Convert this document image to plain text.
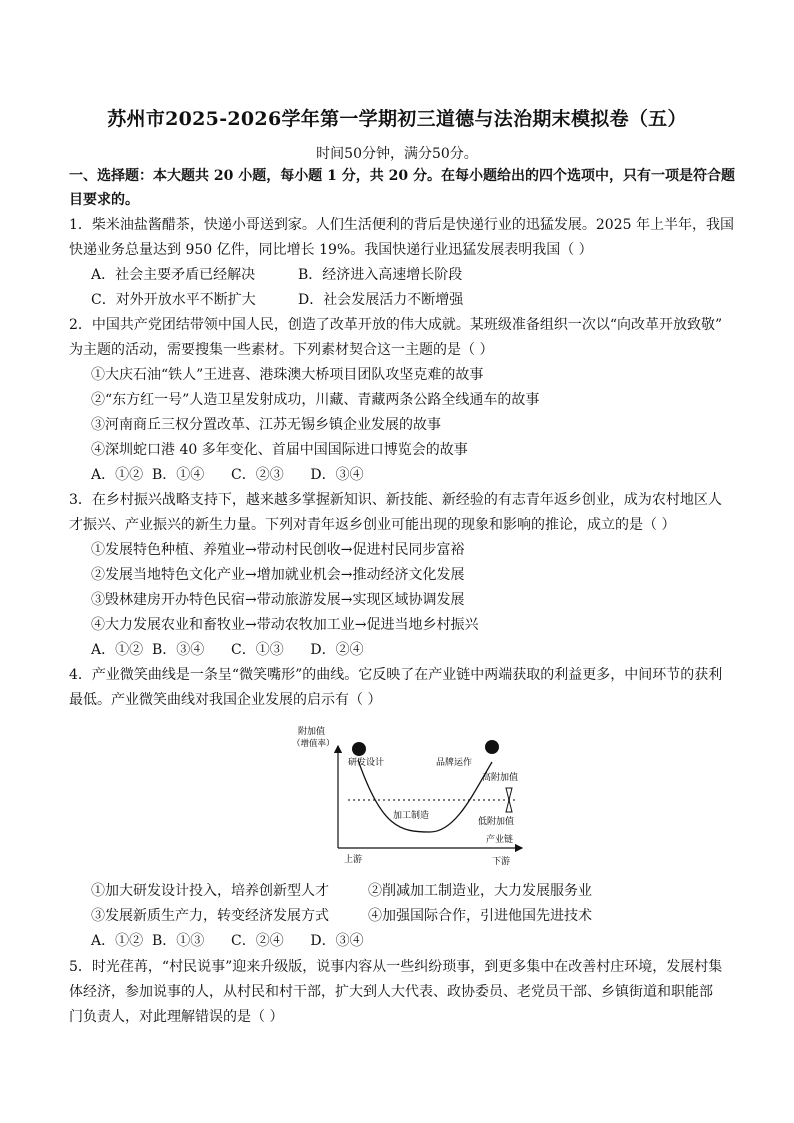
苏州市2025-2026学年第一学期初三道德与法治期末模拟卷（五）
时间50分钟，满分50分。
一、选择题：本大题共 20 小题，每小题 1 分，共 20 分。在每小题给出的四个选项中，只有一项是符合题
目要求的。
1．柴米油盐酱醋茶，快递小哥送到家。人们生活便利的背后是快递行业的迅猛发展。2025 年上半年，我国
快递业务总量达到 950 亿件，同比增长 19%。我国快递行业迅猛发展表明我国（ ）
A．社会主要矛盾已经解决	B．经济进入高速增长阶段
C．对外开放水平不断扩大	D．社会发展活力不断增强
2．中国共产党团结带领中国人民，创造了改革开放的伟大成就。某班级准备组织一次以“向改革开放致敬”
为主题的活动，需要搜集一些素材。下列素材契合这一主题的是（ ）
①大庆石油“铁人”王进喜、港珠澳大桥项目团队攻坚克难的故事
②“东方红一号”人造卫星发射成功，川藏、青藏两条公路全线通车的故事
③河南商丘三权分置改革、江苏无锡乡镇企业发展的故事
④深圳蛇口港 40 多年变化、首届中国国际进口博览会的故事
A．①②  B．①④      C．②③      D．③④
3．在乡村振兴战略支持下，越来越多掌握新知识、新技能、新经验的有志青年返乡创业，成为农村地区人
才振兴、产业振兴的新生力量。下列对青年返乡创业可能出现的现象和影响的推论，成立的是（ ）
①发展特色种植、养殖业→带动村民创收→促进村民同步富裕
②发展当地特色文化产业→增加就业机会→推动经济文化发展
③毁林建房开办特色民宿→带动旅游发展→实现区域协调发展
④大力发展农业和畜牧业→带动农牧加工业→促进当地乡村振兴
A．①②  B．③④      C．①③      D．②④
4．产业微笑曲线是一条呈“微笑嘴形”的曲线。它反映了在产业链中两端获取的利益更多，中间环节的获利
最低。产业微笑曲线对我国企业发展的启示有（ ）
附加值
（增值率）
研发设计	品牌运作
高附加值
加工制造
低附加值
产业链
上游	下游
①加大研发设计投入，培养创新型人才	②削减加工制造业，大力发展服务业
③发展新质生产力，转变经济发展方式	④加强国际合作，引进他国先进技术
A．①②  B．①③      C．②④      D．③④
5．时光荏苒，“村民说事”迎来升级版，说事内容从一些纠纷琐事，到更多集中在改善村庄环境，发展村集
体经济，参加说事的人，从村民和村干部，扩大到人大代表、政协委员、老党员干部、乡镇街道和职能部
门负责人，对此理解错误的是（ ）
